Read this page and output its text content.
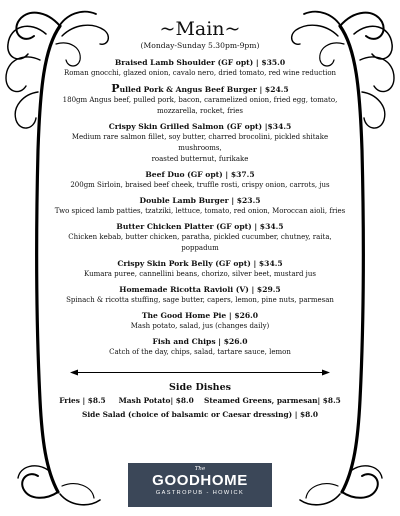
~Main~
(Monday-Sunday 5.30pm-9pm)
Braised Lamb Shoulder (GF opt) | $35.0
Roman gnocchi, glazed onion, cavalo nero, dried tomato, red wine reduction
Pulled Pork & Angus Beef Burger | $24.5
180gm Angus beef, pulled pork, bacon, caramelized onion, fried egg, tomato,
mozzarella, rocket, fries
Crispy Skin Grilled Salmon (GF opt) |$34.5
Medium rare salmon fillet, soy butter, charred brocolini, pickled shitake mushrooms,
roasted butternut, furikake
Beef Duo (GF opt) | $37.5
200gm Sirloin, braised beef cheek, truffle rosti, crispy onion, carrots, jus
Double Lamb Burger | $23.5
Two spiced lamb patties, tzatziki, lettuce, tomato, red onion, Moroccan aioli, fries
Butter Chicken Platter (GF opt) | $34.5
Chicken kebab, butter chicken, paratha, pickled cucumber, chutney, raita, poppadum
Crispy Skin Pork Belly (GF opt) | $34.5
Kumara puree, cannellini beans, chorizo, silver beet, mustard jus
Homemade Ricotta Ravioli (V) | $29.5
Spinach & ricotta stuffing, sage butter, capers, lemon, pine nuts, parmesan
The Good Home Pie | $26.0
Mash potato, salad, jus (changes daily)
Fish and Chips | $26.0
Catch of the day, chips, salad, tartare sauce, lemon
Side Dishes
Fries | $8.5     Mash Potato| $8.0    Steamed Greens, parmesan| $8.5
Side Salad (choice of balsamic or Caesar dressing) | $8.0
The
GOODHOME
GASTROPUB - HOWICK
